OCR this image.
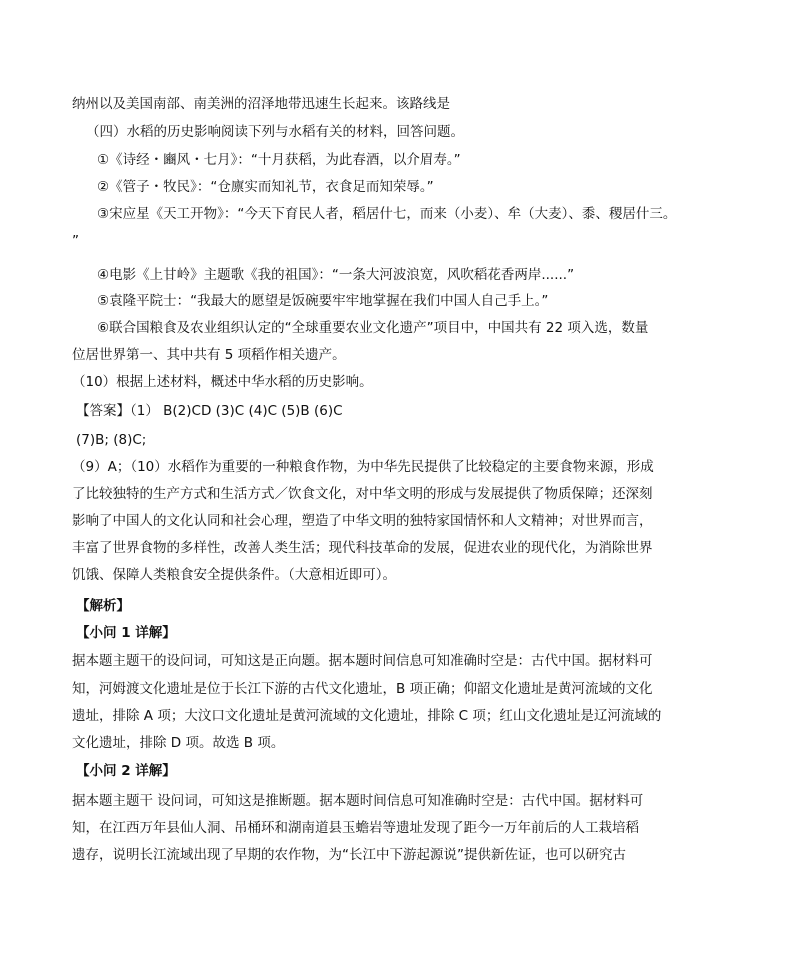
纳州以及美国南部、南美洲的沼泽地带迅速生长起来。该路线是
（四）水稻的历史影响阅读下列与水稻有关的材料，回答问题。
①《诗经・豳风・七月》：“十月获稻，为此春酒，以介眉寿。”
②《管子・牧民》：“仓廪实而知礼节，衣食足而知荣辱。”
③宋应星《天工开物》：“今天下育民人者，稻居什七，而来（小麦）、牟（大麦）、黍、稷居什三。
”
④电影《上甘岭》主题歌《我的祖国》：“一条大河波浪宽，风吹稻花香两岸......”
⑤袁隆平院士：“我最大的愿望是饭碗要牢牢地掌握在我们中国人自己手上。”
⑥联合国粮食及农业组织认定的“全球重要农业文化遗产”项目中，中国共有 22 项入选，数量
位居世界第一、其中共有 5 项稻作相关遗产。
（10）根据上述材料，概述中华水稻的历史影响。
【答案】（1） B(2)CD (3)C (4)C (5)B (6)C
(7)B; (8)C;
（9）A；（10）水稻作为重要的一种粮食作物，为中华先民提供了比较稳定的主要食物来源，形成
了比较独特的生产方式和生活方式／饮食文化，对中华文明的形成与发展提供了物质保障；还深刻
影响了中国人的文化认同和社会心理，塑造了中华文明的独特家国情怀和人文精神；对世界而言，
丰富了世界食物的多样性，改善人类生活；现代科技革命的发展，促进农业的现代化，为消除世界
饥饿、保障人类粮食安全提供条件。（大意相近即可）。
【解析】
【小问 1 详解】
据本题主题干的设问词，可知这是正向题。据本题时间信息可知准确时空是：古代中国。据材料可
知，河姆渡文化遗址是位于长江下游的古代文化遗址，B 项正确；仰韶文化遗址是黄河流域的文化
遗址，排除 A 项；大汶口文化遗址是黄河流域的文化遗址，排除 C 项；红山文化遗址是辽河流域的
文化遗址，排除 D 项。故选 B 项。
【小问 2 详解】
据本题主题干 设问词，可知这是推断题。据本题时间信息可知准确时空是：古代中国。据材料可
知，在江西万年县仙人洞、吊桶环和湖南道县玉蟾岩等遗址发现了距今一万年前后的人工栽培稻
遗存，说明长江流域出现了早期的农作物，为“长江中下游起源说”提供新佐证，也可以研究古
